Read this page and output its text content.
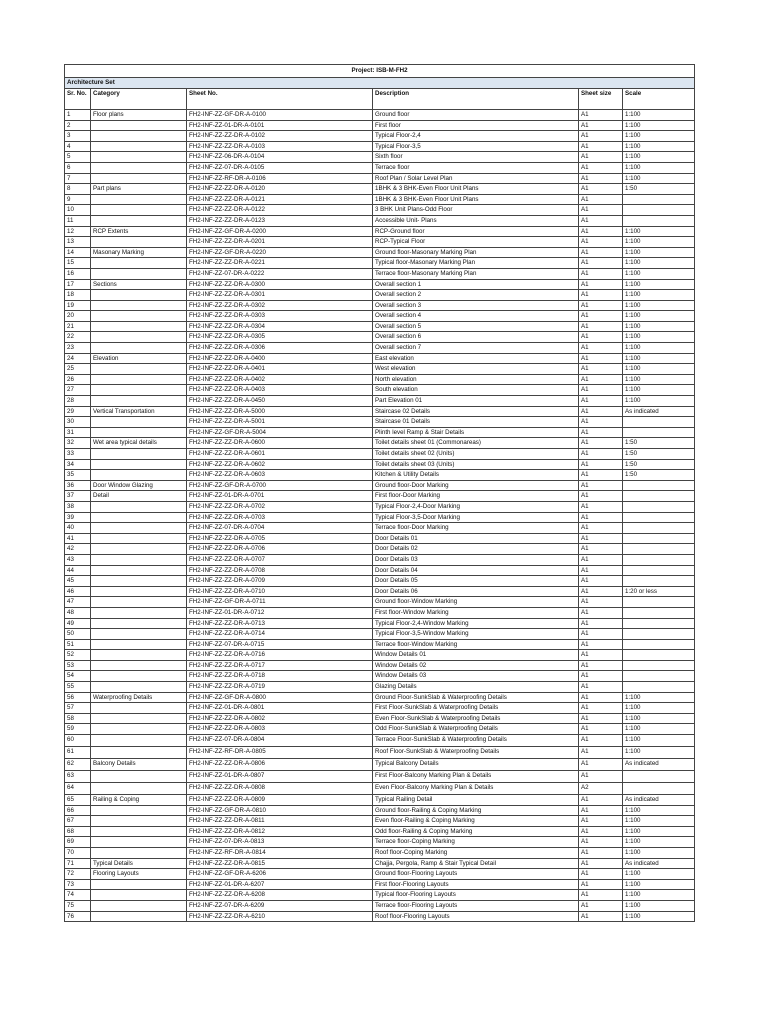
Project: ISB-M-FH2					
Architecture Set					
Sr. No.	Category	Sheet No.	Description	Sheet size	Scale
1	Floor plans	FH2-INF-ZZ-GF-DR-A-0100	Ground floor	A1	1:100
2		FH2-INF-ZZ-01-DR-A-0101	First floor	A1	1:100
3		FH2-INF-ZZ-ZZ-DR-A-0102	Typical Floor-2,4	A1	1:100
4		FH2-INF-ZZ-ZZ-DR-A-0103	Typical Floor-3,5	A1	1:100
5		FH2-INF-ZZ-06-DR-A-0104	Sixth floor	A1	1:100
6		FH2-INF-ZZ-07-DR-A-0105	Terrace floor	A1	1:100
7		FH2-INF-ZZ-RF-DR-A-0106	Roof Plan / Solar Level Plan	A1	1:100
8	Part plans	FH2-INF-ZZ-ZZ-DR-A-0120	1BHK & 3 BHK-Even Floor Unit Plans	A1	1:50
9		FH2-INF-ZZ-ZZ-DR-A-0121	1BHK & 3 BHK-Even Floor Unit Plans	A1	
10		FH2-INF-ZZ-ZZ-DR-A-0122	3 BHK Unit Plans-Odd Floor	A1	
11		FH2-INF-ZZ-ZZ-DR-A-0123	Accessible Unit- Plans	A1	
12	RCP Extents	FH2-INF-ZZ-GF-DR-A-0200	RCP-Ground floor	A1	1:100
13		FH2-INF-ZZ-ZZ-DR-A-0201	RCP-Typical Floor	A1	1:100
14	Masonary Marking	FH2-INF-ZZ-GF-DR-A-0220	Ground floor-Masonary Marking Plan	A1	1:100
15		FH2-INF-ZZ-ZZ-DR-A-0221	Typical floor-Masonary Marking Plan	A1	1:100
16		FH2-INF-ZZ-07-DR-A-0222	Terrace floor-Masonary Marking Plan	A1	1:100
17	Sections	FH2-INF-ZZ-ZZ-DR-A-0300	Overall section 1	A1	1:100
18		FH2-INF-ZZ-ZZ-DR-A-0301	Overall section 2	A1	1:100
19		FH2-INF-ZZ-ZZ-DR-A-0302	Overall section 3	A1	1:100
20		FH2-INF-ZZ-ZZ-DR-A-0303	Overall section 4	A1	1:100
21		FH2-INF-ZZ-ZZ-DR-A-0304	Overall section 5	A1	1:100
22		FH2-INF-ZZ-ZZ-DR-A-0305	Overall section 6	A1	1:100
23		FH2-INF-ZZ-ZZ-DR-A-0306	Overall section 7	A1	1:100
24	Elevation	FH2-INF-ZZ-ZZ-DR-A-0400	East elevation	A1	1:100
25		FH2-INF-ZZ-ZZ-DR-A-0401	West elevation	A1	1:100
26		FH2-INF-ZZ-ZZ-DR-A-0402	North elevation	A1	1:100
27		FH2-INF-ZZ-ZZ-DR-A-0403	South elevation	A1	1:100
28		FH2-INF-ZZ-ZZ-DR-A-0450	Part Elevation 01	A1	1:100
29	Vertical Transportation	FH2-INF-ZZ-ZZ-DR-A-5000	Staircase 02 Details	A1	As indicated
30		FH2-INF-ZZ-ZZ-DR-A-5001	Staircase 01 Details	A1	
31		FH2-INF-ZZ-GF-DR-A-5004	Plinth level Ramp & Stair Details	A1	
32	Wet area typical details	FH2-INF-ZZ-ZZ-DR-A-0600	Toilet details sheet 01 (Commonareas)	A1	1:50
33		FH2-INF-ZZ-ZZ-DR-A-0601	Toilet details sheet 02 (Units)	A1	1:50
34		FH2-INF-ZZ-ZZ-DR-A-0602	Toilet details sheet 03 (Units)	A1	1:50
35		FH2-INF-ZZ-ZZ-DR-A-0603	Kitchen & Utility Details	A1	1:50
36	Door Window Glazing	FH2-INF-ZZ-GF-DR-A-0700	Ground floor-Door Marking	A1	
37	Detail	FH2-INF-ZZ-01-DR-A-0701	First floor-Door Marking	A1	
38		FH2-INF-ZZ-ZZ-DR-A-0702	Typical Floor-2,4-Door Marking	A1	
39		FH2-INF-ZZ-ZZ-DR-A-0703	Typical Floor-3,5-Door Marking	A1	
40		FH2-INF-ZZ-07-DR-A-0704	Terrace floor-Door Marking	A1	
41		FH2-INF-ZZ-ZZ-DR-A-0705	Door Details 01	A1	
42		FH2-INF-ZZ-ZZ-DR-A-0706	Door Details 02	A1	
43		FH2-INF-ZZ-ZZ-DR-A-0707	Door Details 03	A1	
44		FH2-INF-ZZ-ZZ-DR-A-0708	Door Details 04	A1	
45		FH2-INF-ZZ-ZZ-DR-A-0709	Door Details 05	A1	
46		FH2-INF-ZZ-ZZ-DR-A-0710	Door Details 06	A1	1:20 or less
47		FH2-INF-ZZ-GF-DR-A-0711	Ground floor-Window Marking	A1	
48		FH2-INF-ZZ-01-DR-A-0712	First floor-Window Marking	A1	
49		FH2-INF-ZZ-ZZ-DR-A-0713	Typical Floor-2,4-Window Marking	A1	
50		FH2-INF-ZZ-ZZ-DR-A-0714	Typical Floor-3,5-Window Marking	A1	
51		FH2-INF-ZZ-07-DR-A-0715	Terrace floor-Window Marking	A1	
52		FH2-INF-ZZ-ZZ-DR-A-0716	Window Details 01	A1	
53		FH2-INF-ZZ-ZZ-DR-A-0717	Window Details 02	A1	
54		FH2-INF-ZZ-ZZ-DR-A-0718	Window Details 03	A1	
55		FH2-INF-ZZ-ZZ-DR-A-0719	Glazing Details	A1	
56	Waterproofing Details	FH2-INF-ZZ-GF-DR-A-0800	Ground Floor-SunkSlab & Waterproofing Details	A1	1:100
57		FH2-INF-ZZ-01-DR-A-0801	First Floor-SunkSlab & Waterproofing Details	A1	1:100
58		FH2-INF-ZZ-ZZ-DR-A-0802	Even Floor-SunkSlab & Waterproofing Details	A1	1:100
59		FH2-INF-ZZ-ZZ-DR-A-0803	Odd Floor-SunkSlab & Waterproofing Details	A1	1:100
60		FH2-INF-ZZ-07-DR-A-0804	Terrace Floor-SunkSlab & Waterproofing Details	A1	1:100
61		FH2-INF-ZZ-RF-DR-A-0805	Roof Floor-SunkSlab & Waterproofing Details	A1	1:100
62	Balcony Details	FH2-INF-ZZ-ZZ-DR-A-0806	Typical Balcony Details	A1	As indicated
63		FH2-INF-ZZ-01-DR-A-0807	First Floor-Balcony Marking Plan & Details	A1	
64		FH2-INF-ZZ-ZZ-DR-A-0808	Even Floor-Balcony Marking Plan & Details	A2	
65	Railing & Coping	FH2-INF-ZZ-ZZ-DR-A-0809	Typical Railing Detail	A1	As indicated
66		FH2-INF-ZZ-GF-DR-A-0810	Ground floor-Railing & Coping Marking	A1	1:100
67		FH2-INF-ZZ-ZZ-DR-A-0811	Even floor-Railing & Coping Marking	A1	1:100
68		FH2-INF-ZZ-ZZ-DR-A-0812	Odd floor-Railing & Coping Marking	A1	1:100
69		FH2-INF-ZZ-07-DR-A-0813	Terrace floor-Coping Marking	A1	1:100
70		FH2-INF-ZZ-RF-DR-A-0814	Roof floor-Coping Marking	A1	1:100
71	Typical Details	FH2-INF-ZZ-ZZ-DR-A-0815	Chajja, Pergola, Ramp & Stair Typical Detail	A1	As indicated
72	Flooring Layouts	FH2-INF-ZZ-GF-DR-A-6206	Ground floor-Flooring Layouts	A1	1:100
73		FH2-INF-ZZ-01-DR-A-6207	First floor-Flooring Layouts	A1	1:100
74		FH2-INF-ZZ-ZZ-DR-A-6208	Typical floor-Flooring Layouts	A1	1:100
75		FH2-INF-ZZ-07-DR-A-6209	Terrace floor-Flooring Layouts	A1	1:100
76		FH2-INF-ZZ-ZZ-DR-A-6210	Roof floor-Flooring Layouts	A1	1:100
